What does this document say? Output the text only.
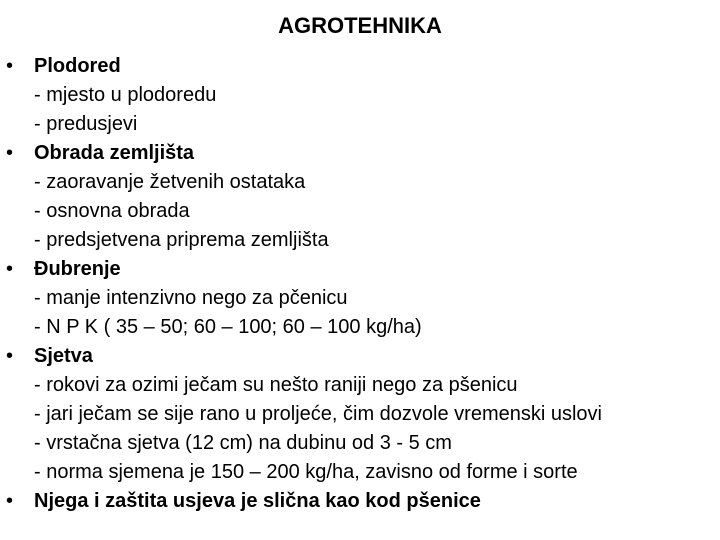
AGROTEHNIKA
• Plodored
- mjesto u plodoredu
- predusjevi
• Obrada zemljišta
- zaoravanje žetvenih ostataka
- osnovna obrada
- predsjetvena priprema zemljišta
• Đubrenje
- manje intenzivno nego za pčenicu
- N P K ( 35 – 50; 60 – 100; 60 – 100 kg/ha)
• Sjetva
- rokovi za ozimi ječam su nešto raniji nego za pšenicu
- jari ječam se sije rano u proljeće, čim dozvole vremenski uslovi
- vrstačna sjetva (12 cm) na dubinu od 3 - 5 cm
- norma sjemena je 150 – 200 kg/ha, zavisno od forme i sorte
• Njega i zaštita usjeva je slična kao kod pšenice
